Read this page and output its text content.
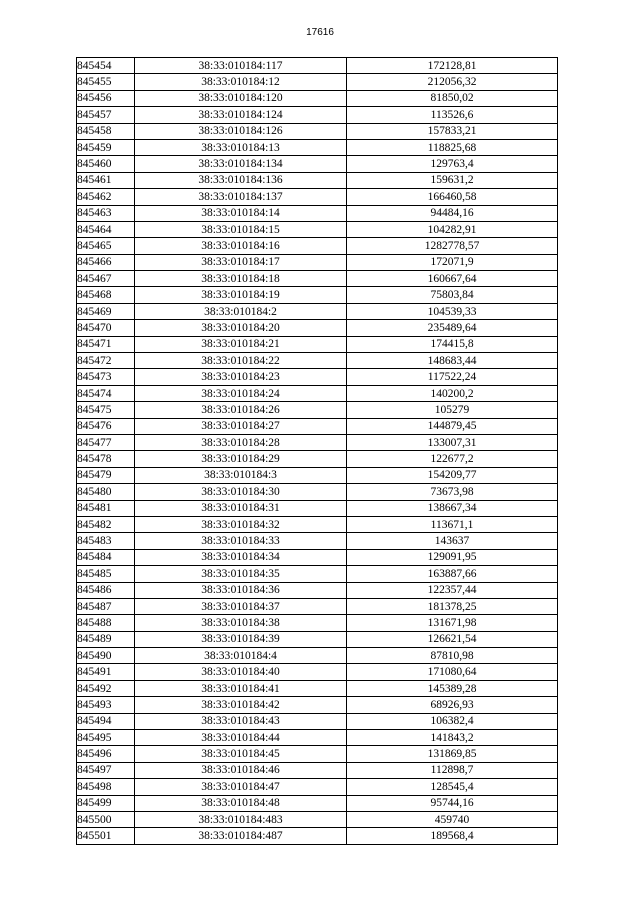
17616
845454	38:33:010184:117	172128,81
845455	38:33:010184:12	212056,32
845456	38:33:010184:120	81850,02
845457	38:33:010184:124	113526,6
845458	38:33:010184:126	157833,21
845459	38:33:010184:13	118825,68
845460	38:33:010184:134	129763,4
845461	38:33:010184:136	159631,2
845462	38:33:010184:137	166460,58
845463	38:33:010184:14	94484,16
845464	38:33:010184:15	104282,91
845465	38:33:010184:16	1282778,57
845466	38:33:010184:17	172071,9
845467	38:33:010184:18	160667,64
845468	38:33:010184:19	75803,84
845469	38:33:010184:2	104539,33
845470	38:33:010184:20	235489,64
845471	38:33:010184:21	174415,8
845472	38:33:010184:22	148683,44
845473	38:33:010184:23	117522,24
845474	38:33:010184:24	140200,2
845475	38:33:010184:26	105279
845476	38:33:010184:27	144879,45
845477	38:33:010184:28	133007,31
845478	38:33:010184:29	122677,2
845479	38:33:010184:3	154209,77
845480	38:33:010184:30	73673,98
845481	38:33:010184:31	138667,34
845482	38:33:010184:32	113671,1
845483	38:33:010184:33	143637
845484	38:33:010184:34	129091,95
845485	38:33:010184:35	163887,66
845486	38:33:010184:36	122357,44
845487	38:33:010184:37	181378,25
845488	38:33:010184:38	131671,98
845489	38:33:010184:39	126621,54
845490	38:33:010184:4	87810,98
845491	38:33:010184:40	171080,64
845492	38:33:010184:41	145389,28
845493	38:33:010184:42	68926,93
845494	38:33:010184:43	106382,4
845495	38:33:010184:44	141843,2
845496	38:33:010184:45	131869,85
845497	38:33:010184:46	112898,7
845498	38:33:010184:47	128545,4
845499	38:33:010184:48	95744,16
845500	38:33:010184:483	459740
845501	38:33:010184:487	189568,4
